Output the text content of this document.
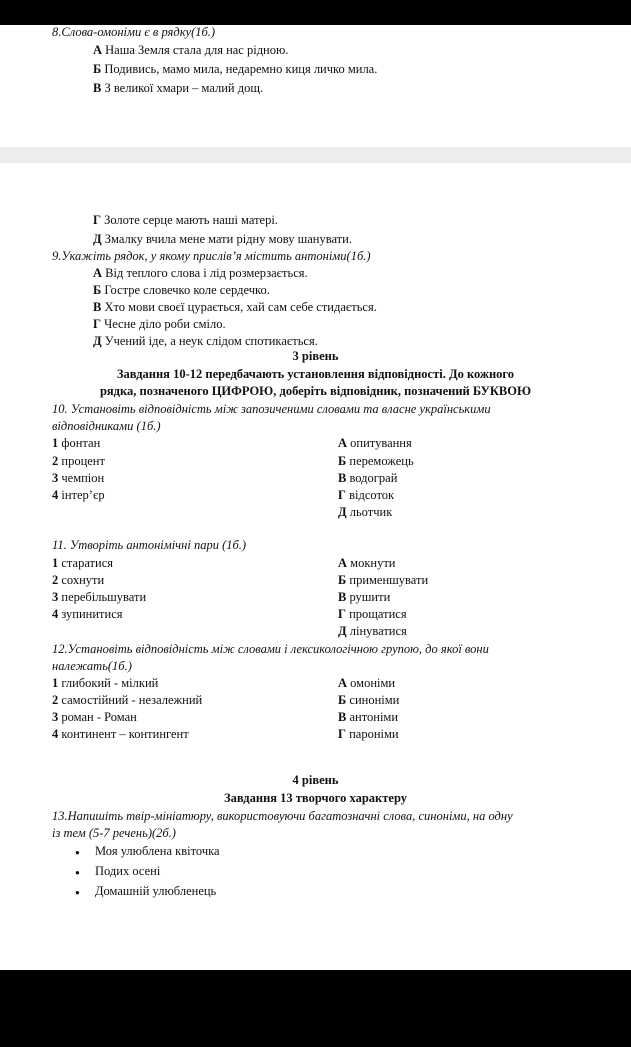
8.Слова-омоніми є в рядку(1б.)
А Наша Земля стала для нас рідною.
Б Подивись, мамо мила, недаремно киця личко мила.
В З великої хмари – малий дощ.
Г Золоте серце мають наші матері.
Д Змалку вчила мене мати рідну мову шанувати.
9.Укажіть рядок, у якому прислів’я містить антоніми(1б.)
А Від теплого слова і лід розмерзається.
Б Гостре словечко коле сердечко.
В Хто мови своєї цурається, хай сам себе стидається.
Г Чесне діло роби сміло.
Д Учений іде, а неук слідом спотикається.
3 рівень
Завдання 10-12 передбачають установлення відповідності. До кожного
рядка, позначеного ЦИФРОЮ, доберіть відповідник, позначений БУКВОЮ
10. Установіть відповідність між запозиченими словами та власне українськими
відповідниками (1б.)
1 фонтан
2 процент
3 чемпіон
4 інтер’єр
А опитування
Б переможець
В водограй
Г відсоток
Д льотчик
11. Утворіть антонімічні пари (1б.)
1 старатися
2 сохнути
3 перебільшувати
4 зупинитися
А мокнути
Б применшувати
В рушити
Г прощатися
Д лінуватися
12.Установіть відповідність між словами і лексикологічною групою, до якої вони
належать(1б.)
1 глибокий - мілкий
2 самостійний - незалежний
3 роман - Роман
4 континент – контингент
А омоніми
Б синоніми
В антоніми
Г пароніми
4 рівень
Завдання 13 творчого характеру
13.Напишіть твір-мініатюру, використовуючи багатозначні слова, синоніми, на одну
із тем (5-7 речень)(2б.)
● Моя улюблена квіточка
● Подих осені
● Домашній улюбленець
